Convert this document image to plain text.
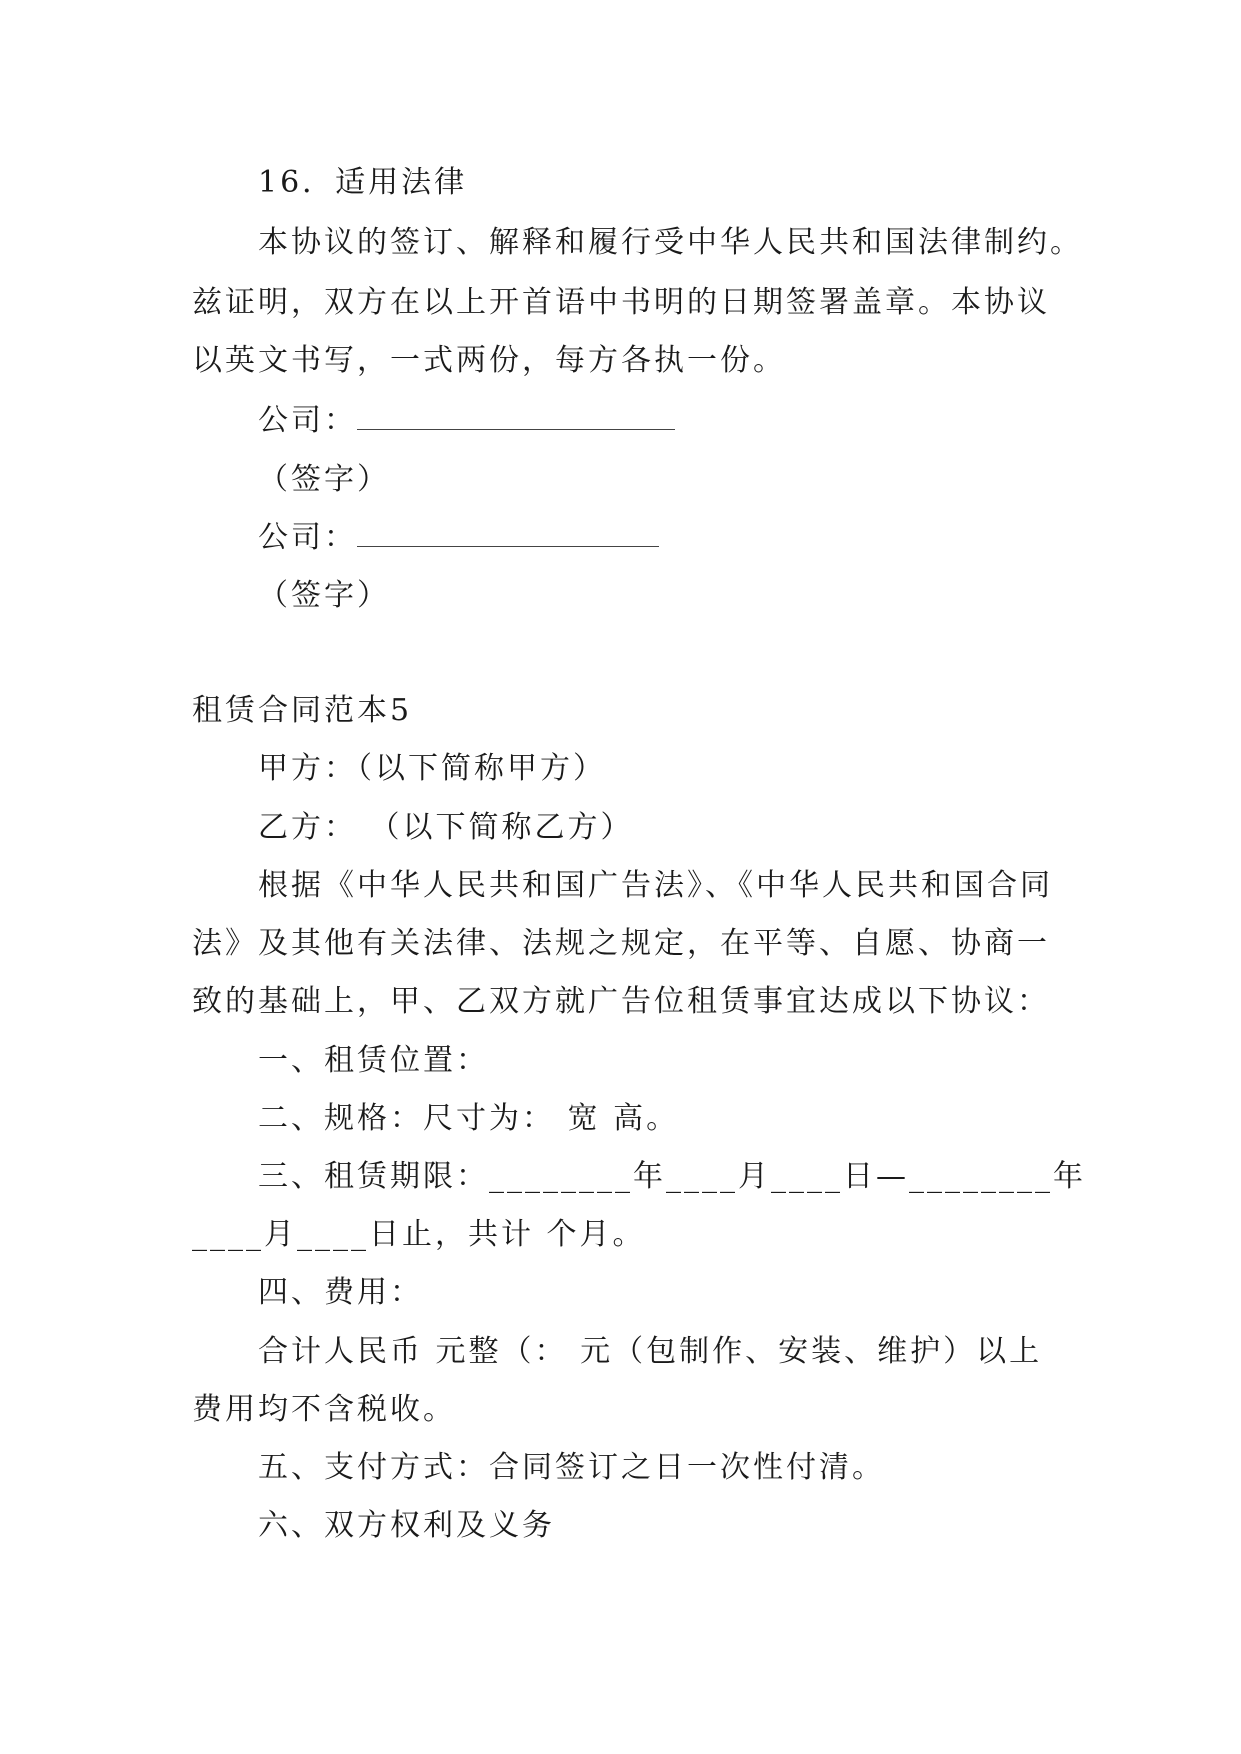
16．适用法律
本协议的签订、解释和履行受中华人民共和国法律制约。
兹证明，双方在以上开首语中书明的日期签署盖章。本协议
以英文书写，一式两份，每方各执一份。
公司：
（签字）
公司：
（签字）
租赁合同范本5
甲方：（以下简称甲方）
乙方： （以下简称乙方）
根据《中华人民共和国广告法》、《中华人民共和国合同
法》及其他有关法律、法规之规定，在平等、自愿、协商一
致的基础上，甲、乙双方就广告位租赁事宜达成以下协议：
一、租赁位置：
二、规格：尺寸为： 宽 高。
三、租赁期限：________年____月____日—________年
____月____日止，共计 个月。
四、费用：
合计人民币 元整（： 元（包制作、安装、维护）以上
费用均不含税收。
五、支付方式：合同签订之日一次性付清。
六、双方权利及义务
